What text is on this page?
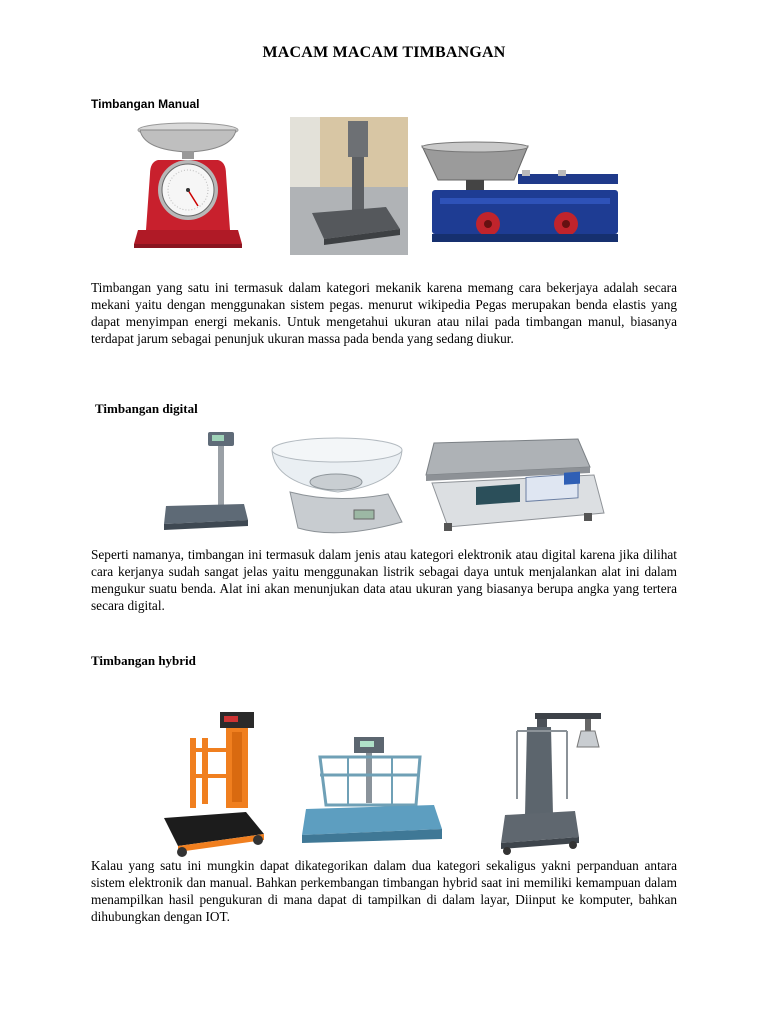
MACAM MACAM TIMBANGAN
Timbangan Manual

Timbangan yang satu ini termasuk dalam kategori mekanik karena memang cara bekerjaya adalah secara mekani yaitu dengan menggunakan sistem pegas. menurut wikipedia Pegas merupakan benda elastis yang dapat menyimpan energi mekanis. Untuk mengetahui ukuran atau nilai pada timbangan manul, biasanya terdapat jarum sebagai penunjuk ukuran massa pada benda yang sedang diukur.

Timbangan digital

Seperti namanya, timbangan ini termasuk dalam jenis atau kategori elektronik atau digital karena jika dilihat cara kerjanya sudah sangat jelas yaitu menggunakan listrik sebagai daya untuk menjalankan alat ini dalam mengukur suatu benda. Alat ini akan menunjukan data atau ukuran yang biasanya berupa angka yang tertera secara digital.

Timbangan hybrid

Kalau yang satu ini mungkin dapat dikategorikan dalam dua kategori sekaligus yakni perpanduan antara sistem elektronik dan manual. Bahkan perkembangan timbangan hybrid saat ini memiliki kemampuan dalam menampilkan hasil pengukuran di mana dapat di tampilkan di dalam layar, Diinput ke komputer, bahkan dihubungkan dengan IOT.
